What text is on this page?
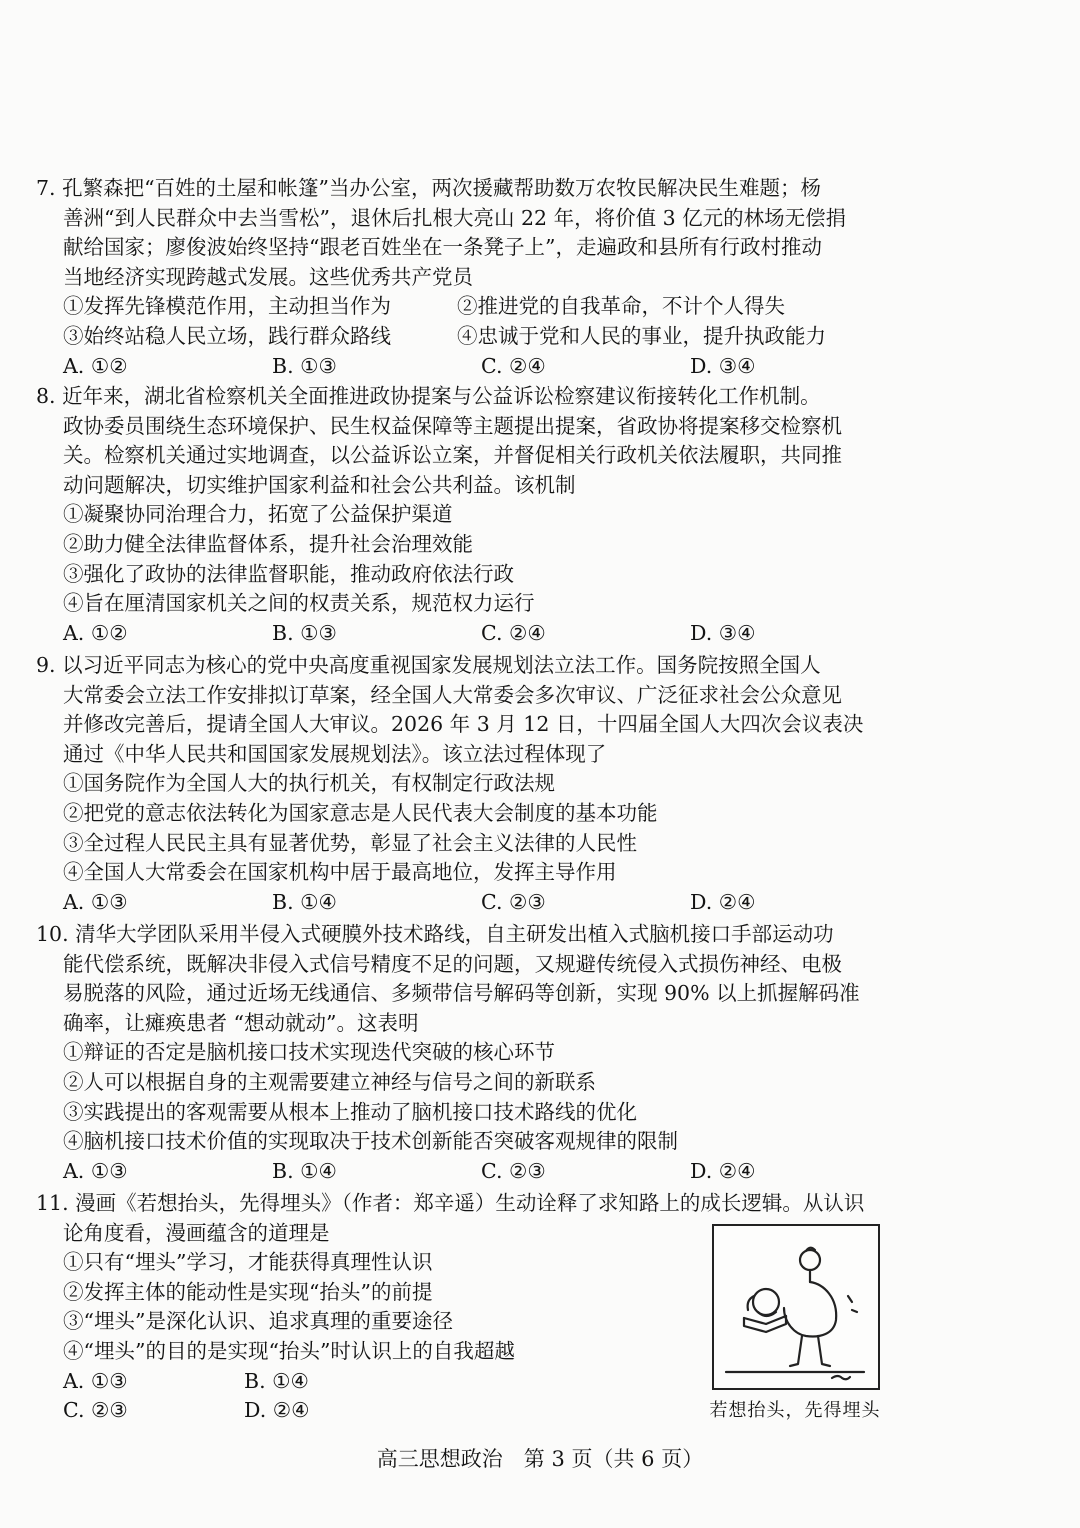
7. 孔繁森把“百姓的土屋和帐篷”当办公室，两次援藏帮助数万农牧民解决民生难题；杨
善洲“到人民群众中去当雪松”，退休后扎根大亮山 22 年，将价值 3 亿元的林场无偿捐
献给国家；廖俊波始终坚持“跟老百姓坐在一条凳子上”，走遍政和县所有行政村推动
当地经济实现跨越式发展。这些优秀共产党员
①发挥先锋模范作用，主动担当作为	②推进党的自我革命，不计个人得失
③始终站稳人民立场，践行群众路线	④忠诚于党和人民的事业，提升执政能力
A. ①②	B. ①③	C. ②④	D. ③④
8. 近年来，湖北省检察机关全面推进政协提案与公益诉讼检察建议衔接转化工作机制。
政协委员围绕生态环境保护、民生权益保障等主题提出提案，省政协将提案移交检察机
关。检察机关通过实地调查，以公益诉讼立案，并督促相关行政机关依法履职，共同推
动问题解决，切实维护国家利益和社会公共利益。该机制
①凝聚协同治理合力，拓宽了公益保护渠道
②助力健全法律监督体系，提升社会治理效能
③强化了政协的法律监督职能，推动政府依法行政
④旨在厘清国家机关之间的权责关系，规范权力运行
A. ①②	B. ①③	C. ②④	D. ③④
9. 以习近平同志为核心的党中央高度重视国家发展规划法立法工作。国务院按照全国人
大常委会立法工作安排拟订草案，经全国人大常委会多次审议、广泛征求社会公众意见
并修改完善后，提请全国人大审议。2026 年 3 月 12 日，十四届全国人大四次会议表决
通过《中华人民共和国国家发展规划法》。该立法过程体现了
①国务院作为全国人大的执行机关，有权制定行政法规
②把党的意志依法转化为国家意志是人民代表大会制度的基本功能
③全过程人民民主具有显著优势，彰显了社会主义法律的人民性
④全国人大常委会在国家机构中居于最高地位，发挥主导作用
A. ①③	B. ①④	C. ②③	D. ②④
10. 清华大学团队采用半侵入式硬膜外技术路线，自主研发出植入式脑机接口手部运动功
能代偿系统，既解决非侵入式信号精度不足的问题，又规避传统侵入式损伤神经、电极
易脱落的风险，通过近场无线通信、多频带信号解码等创新，实现 90% 以上抓握解码准
确率，让瘫痪患者 “想动就动”。这表明
①辩证的否定是脑机接口技术实现迭代突破的核心环节
②人可以根据自身的主观需要建立神经与信号之间的新联系
③实践提出的客观需要从根本上推动了脑机接口技术路线的优化
④脑机接口技术价值的实现取决于技术创新能否突破客观规律的限制
A. ①③	B. ①④	C. ②③	D. ②④
11. 漫画《若想抬头，先得埋头》（作者：郑辛遥）生动诠释了求知路上的成长逻辑。从认识
论角度看，漫画蕴含的道理是
①只有“埋头”学习，才能获得真理性认识
②发挥主体的能动性是实现“抬头”的前提
③“埋头”是深化认识、追求真理的重要途径
④“埋头”的目的是实现“抬头”时认识上的自我超越
A. ①③	B. ①④
C. ②③	D. ②④	若想抬头，先得埋头
高三思想政治　第 3 页（共 6 页）
